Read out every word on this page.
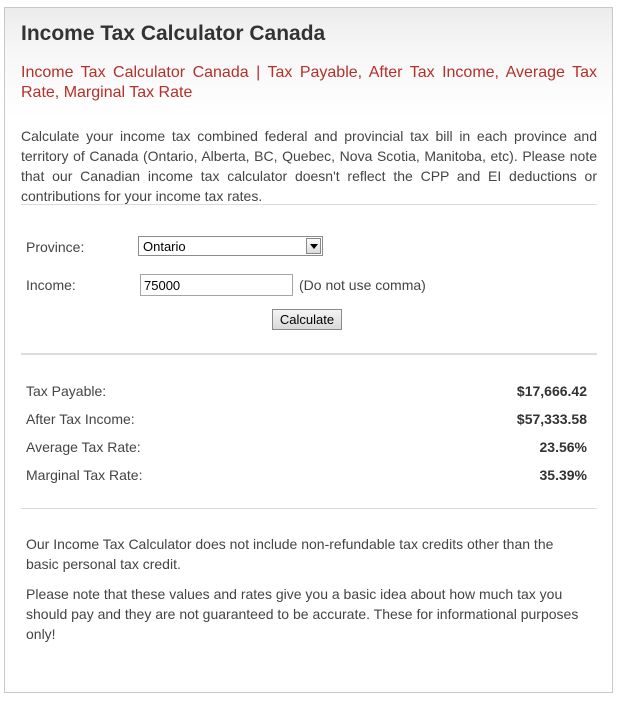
Income Tax Calculator Canada

Income Tax Calculator Canada | Tax Payable, After Tax Income, Average Tax Rate, Marginal Tax Rate

Calculate your income tax combined federal and provincial tax bill in each province and territory of Canada (Ontario, Alberta, BC, Quebec, Nova Scotia, Manitoba, etc). Please note that our Canadian income tax calculator doesn't reflect the CPP and EI deductions or contributions for your income tax rates.

Province:	Ontario
Income:
75000	(Do not use comma)
Calculate
Tax Payable:	$17,666.42
After Tax Income:	$57,333.58
Average Tax Rate:	23.56%
Marginal Tax Rate:	35.39%

Our Income Tax Calculator does not include non-refundable tax credits other than the basic personal tax credit.

Please note that these values and rates give you a basic idea about how much tax you should pay and they are not guaranteed to be accurate. These for informational purposes only!
